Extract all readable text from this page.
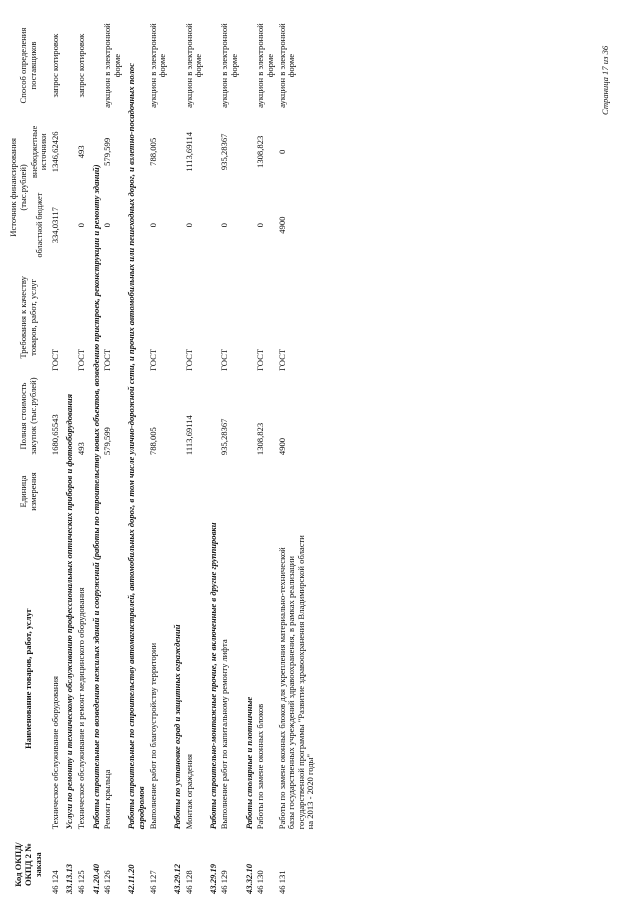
Код ОКПД/ ОКПД 2 № заказа	Наименование товаров, работ, услуг	Единица измерения	Полная стоимость закупок (тыс.рублей)	Требования к качеству товаров, работ, услуг	Источник финансирования (тыс.рублей)		Способ определения поставщиков
					областной бюджет	внебюджетные источники	
46 124	Техническое обслуживание оборудования		1680,65543	ГОСТ	334,03117	1346,62426	запрос котировок
33.13.13	Услуги по ремонту и техническому обслуживанию профессиональных оптических приборов и фотооборудования						
46 125	Техническое обслуживание и ремонт медицинского оборудования		493	ГОСТ	0	493	запрос котировок
41.20.40	Работы строительные по возведению нежилых зданий и сооружений (работы по строительству новых объектов, возведению пристроек, реконструкции и ремонту зданий)						
46 126	Ремонт крыльца		579,599	ГОСТ	0	579,599	аукцион в электронной форме
42.11.20	Работы строительные по строительству автомагистралей, автомобильных дорог, в том числе улично-дорожной сети, и прочих автомобильных или пешеходных дорог, и взлетно-посадочных полос аэродромов						
46 127	Выполнение работ по благоустройству территории		788,005	ГОСТ	0	788,005	аукцион в электронной форме
43.29.12	Работы по установке оград и защитных ограждений						
46 128	Монтаж ограждения		1113,69114	ГОСТ	0	1113,69114	аукцион в электронной форме
43.29.19	Работы строительно-монтажные прочие, не включенные в другие группировки						
46 129	Выполнение работ по капитальному ремонту лифта		935,28367	ГОСТ	0	935,28367	аукцион в электронной форме
43.32.10	Работы столярные и плотничные						
46 130	Работы по замене оконных блоков		1308,823	ГОСТ	0	1308,823	аукцион в электронной форме
46 131	Работы по замене оконных блоков для укрепления материально-технической базы государственных учреждений здравоохранения, в рамках реализации государственной программы "Развитие здравоохранения Владимирской области на 2013 - 2020 годы"		4900	ГОСТ	4900	0	аукцион в электронной форме	Страница 17 из 36
